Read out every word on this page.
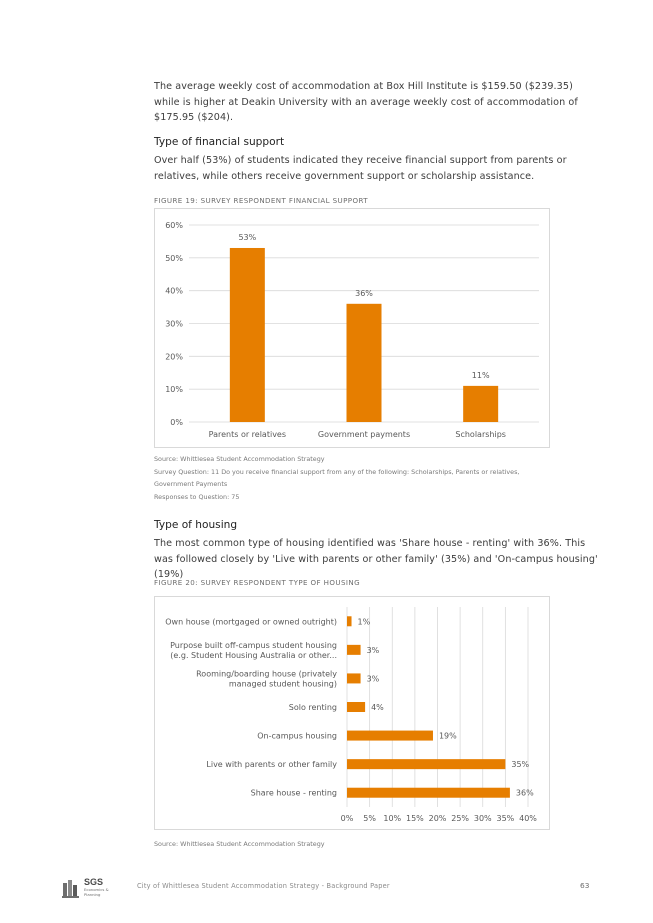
The average weekly cost of accommodation at Box Hill Institute is $159.50 ($239.35) while is higher at Deakin University with an average weekly cost of accommodation of $175.95 ($204).
Type of financial support
Over half (53%) of students indicated they receive financial support from parents or relatives, while others receive government support or scholarship assistance.
FIGURE 19: SURVEY RESPONDENT FINANCIAL SUPPORT
0%
10%
20%
30%
40%
50%
60%
53%
Parents or relatives
36%
Government payments
11%
Scholarships
Source: Whittlesea Student Accommodation Strategy
Survey Question: 11 Do you receive financial support from any of the following: Scholarships, Parents or relatives,
Government Payments
Responses to Question: 75
Type of housing
The most common type of housing identified was 'Share house - renting' with 36%. This was followed closely by 'Live with parents or other family' (35%) and 'On-campus housing' (19%)
FIGURE 20: SURVEY RESPONDENT TYPE OF HOUSING
0% 5% 10% 15% 20% 25% 30% 35% 40%
1%
Own house (mortgaged or owned outright)
3%
Purpose built off-campus student housing (e.g. Student Housing Australia or other...
3%
Rooming/boarding house (privately managed student housing)
4%
Solo renting
19%
On-campus housing
35%
Live with parents or other family
36%
Share house - renting
Source: Whittlesea Student Accommodation Strategy
SGS
Economics & Planning
City of Whittlesea Student Accommodation Strategy - Background Paper	63
